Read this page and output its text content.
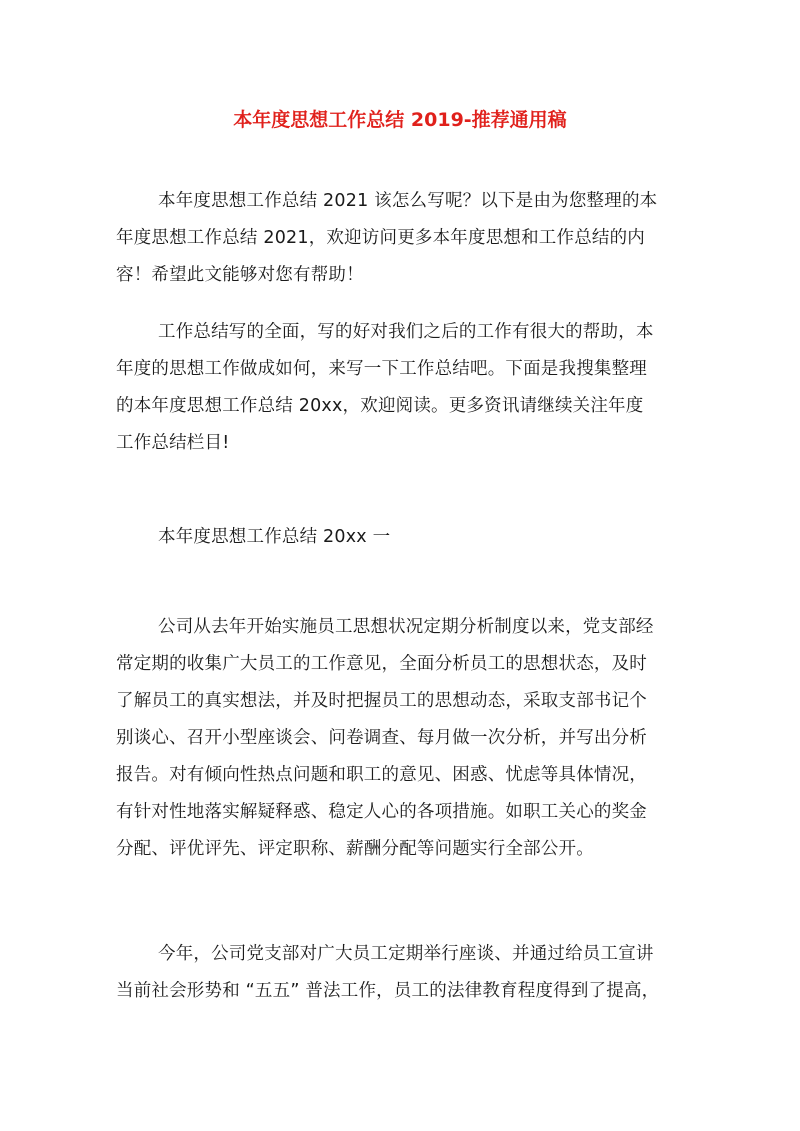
本年度思想工作总结 2019-推荐通用稿
本年度思想工作总结 2021 该怎么写呢？以下是由为您整理的本
年度思想工作总结 2021，欢迎访问更多本年度思想和工作总结的内
容！希望此文能够对您有帮助！
工作总结写的全面，写的好对我们之后的工作有很大的帮助，本
年度的思想工作做成如何，来写一下工作总结吧。下面是我搜集整理
的本年度思想工作总结 20xx，欢迎阅读。更多资讯请继续关注年度
工作总结栏目!
本年度思想工作总结 20xx 一
公司从去年开始实施员工思想状况定期分析制度以来，党支部经
常定期的收集广大员工的工作意见，全面分析员工的思想状态，及时
了解员工的真实想法，并及时把握员工的思想动态，采取支部书记个
别谈心、召开小型座谈会、问卷调查、每月做一次分析，并写出分析
报告。对有倾向性热点问题和职工的意见、困惑、忧虑等具体情况，
有针对性地落实解疑释惑、稳定人心的各项措施。如职工关心的奖金
分配、评优评先、评定职称、薪酬分配等问题实行全部公开。
今年，公司党支部对广大员工定期举行座谈、并通过给员工宣讲
当前社会形势和 “五五” 普法工作，员工的法律教育程度得到了提高，
